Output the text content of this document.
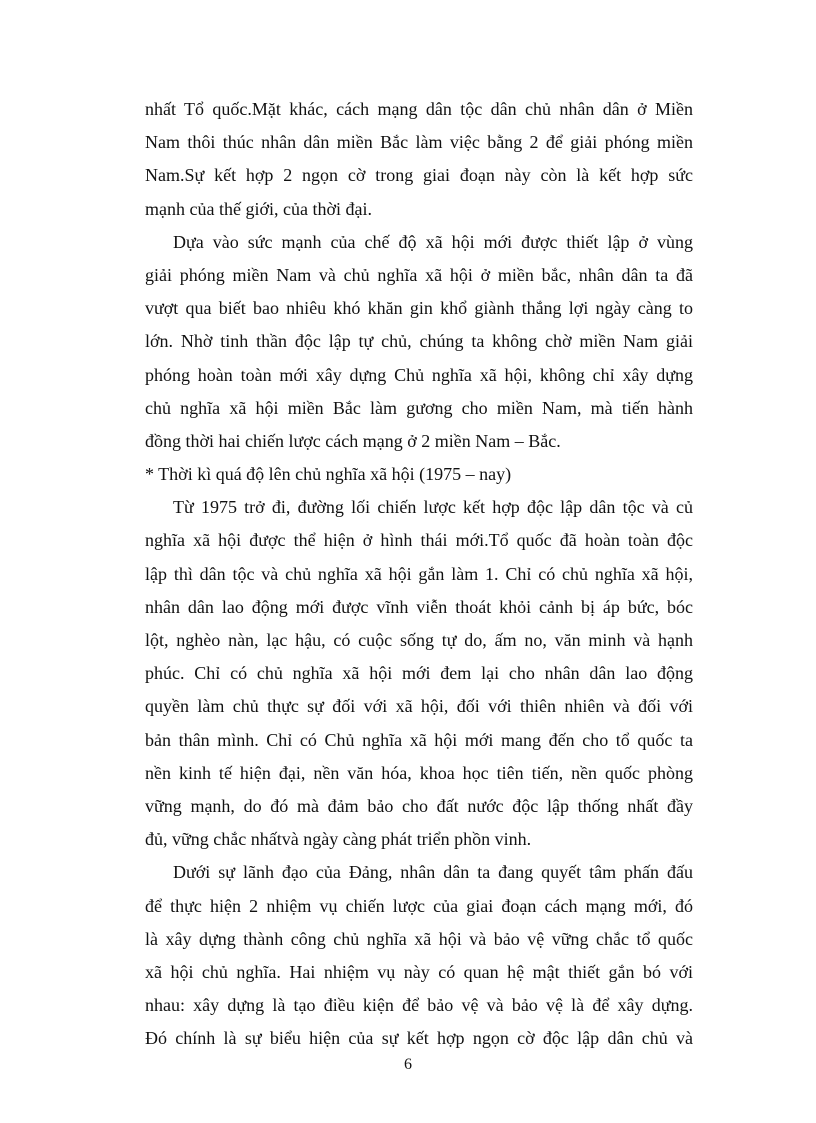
nhất Tổ quốc.Mặt khác, cách mạng dân tộc dân chủ nhân dân ở Miền
Nam thôi thúc nhân dân miền Bắc làm việc bằng 2 để giải phóng miền
Nam.Sự kết hợp 2 ngọn cờ trong giai đoạn này còn là kết hợp sức
mạnh của thế giới, của thời đại.
Dựa vào sức mạnh của chế độ xã hội mới được thiết lập ở vùng
giải phóng miền Nam và chủ nghĩa xã hội ở miền bắc, nhân dân ta đã
vượt qua biết bao nhiêu khó khăn gin khổ giành thắng lợi ngày càng to
lớn. Nhờ tinh thần độc lập tự chủ, chúng ta không chờ miền Nam giải
phóng hoàn toàn mới xây dựng Chủ nghĩa xã hội, không chỉ xây dựng
chủ nghĩa xã hội miền Bắc làm gương cho miền Nam, mà tiến hành
đồng thời hai chiến lược cách mạng ở 2 miền Nam – Bắc.
* Thời kì quá độ lên chủ nghĩa xã hội (1975 – nay)
Từ 1975 trở đi, đường lối chiến lược kết hợp độc lập dân tộc và củ
nghĩa xã hội được thể hiện ở hình thái mới.Tổ quốc đã hoàn toàn độc
lập thì dân tộc và chủ nghĩa xã hội gắn làm 1. Chỉ có chủ nghĩa xã hội,
nhân dân lao động mới được vĩnh viễn thoát khỏi cảnh bị áp bức, bóc
lột, nghèo nàn, lạc hậu, có cuộc sống tự do, ấm no, văn minh và hạnh
phúc. Chỉ có chủ nghĩa xã hội mới đem lại cho nhân dân lao động
quyền làm chủ thực sự đối với xã hội, đối với thiên nhiên và đối với
bản thân mình. Chỉ có Chủ nghĩa xã hội mới mang đến cho tổ quốc ta
nền kinh tế hiện đại, nền văn hóa, khoa học tiên tiến, nền quốc phòng
vững mạnh, do đó mà đảm bảo cho đất nước độc lập thống nhất đầy
đủ, vững chắc nhấtvà ngày càng phát triển phồn vinh.
Dưới sự lãnh đạo của Đảng, nhân dân ta đang quyết tâm phấn đấu
để thực hiện 2 nhiệm vụ chiến lược của giai đoạn cách mạng mới, đó
là xây dựng thành công chủ nghĩa xã hội và bảo vệ vững chắc tổ quốc
xã hội chủ nghĩa. Hai nhiệm vụ này có quan hệ mật thiết gắn bó với
nhau: xây dựng là tạo điều kiện để bảo vệ và bảo vệ là để xây dựng.
Đó chính là sự biểu hiện của sự kết hợp ngọn cờ độc lập dân chủ và
6
